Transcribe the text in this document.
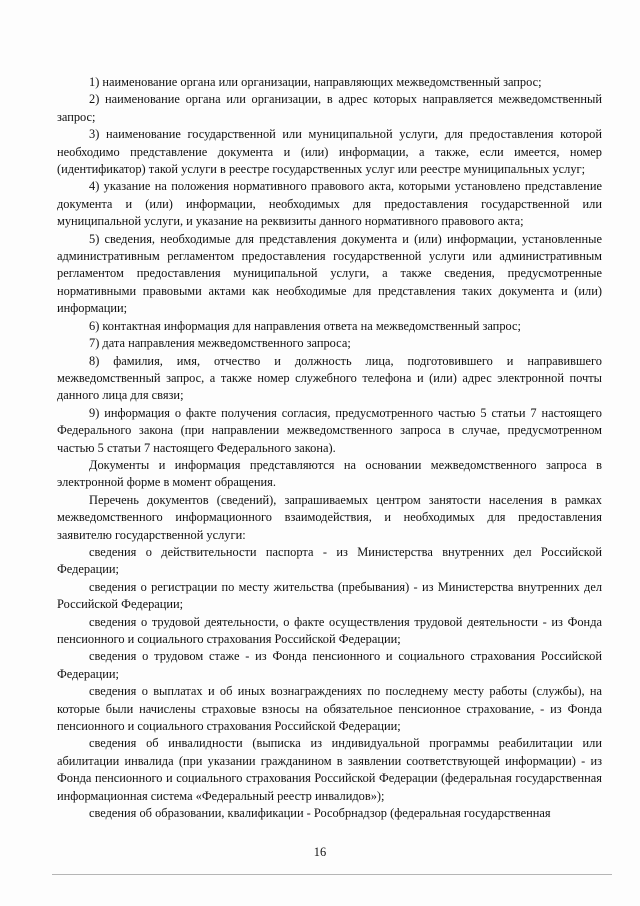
1) наименование органа или организации, направляющих межведомственный запрос;

2) наименование органа или организации, в адрес которых направляется межведомственный запрос;

3) наименование государственной или муниципальной услуги, для предоставления которой необходимо представление документа и (или) информации, а также, если имеется, номер (идентификатор) такой услуги в реестре государственных услуг или реестре муниципальных услуг;

4) указание на положения нормативного правового акта, которыми установлено представление документа и (или) информации, необходимых для предоставления государственной или муниципальной услуги, и указание на реквизиты данного нормативного правового акта;

5) сведения, необходимые для представления документа и (или) информации, установленные административным регламентом предоставления государственной услуги или административным регламентом предоставления муниципальной услуги, а также сведения, предусмотренные нормативными правовыми актами как необходимые для представления таких документа и (или) информации;

6) контактная информация для направления ответа на межведомственный запрос;

7) дата направления межведомственного запроса;

8) фамилия, имя, отчество и должность лица, подготовившего и направившего межведомственный запрос, а также номер служебного телефона и (или) адрес электронной почты данного лица для связи;

9) информация о факте получения согласия, предусмотренного частью 5 статьи 7 настоящего Федерального закона (при направлении межведомственного запроса в случае, предусмотренном частью 5 статьи 7 настоящего Федерального закона).

Документы и информация представляются на основании межведомственного запроса в электронной форме в момент обращения.

Перечень документов (сведений), запрашиваемых центром занятости населения в рамках межведомственного информационного взаимодействия, и необходимых для предоставления заявителю государственной услуги:

сведения о действительности паспорта - из Министерства внутренних дел Российской Федерации;

сведения о регистрации по месту жительства (пребывания) - из Министерства внутренних дел Российской Федерации;

сведения о трудовой деятельности, о факте осуществления трудовой деятельности - из Фонда пенсионного и социального страхования Российской Федерации;

сведения о трудовом стаже - из Фонда пенсионного и социального страхования Российской Федерации;

сведения о выплатах и об иных вознаграждениях по последнему месту работы (службы), на которые были начислены страховые взносы на обязательное пенсионное страхование, - из Фонда пенсионного и социального страхования Российской Федерации;

сведения об инвалидности (выписка из индивидуальной программы реабилитации или абилитации инвалида (при указании гражданином в заявлении соответствующей информации) - из Фонда пенсионного и социального страхования Российской Федерации (федеральная государственная информационная система «Федеральный реестр инвалидов»);

сведения об образовании, квалификации - Рособрнадзор (федеральная государственная

16
